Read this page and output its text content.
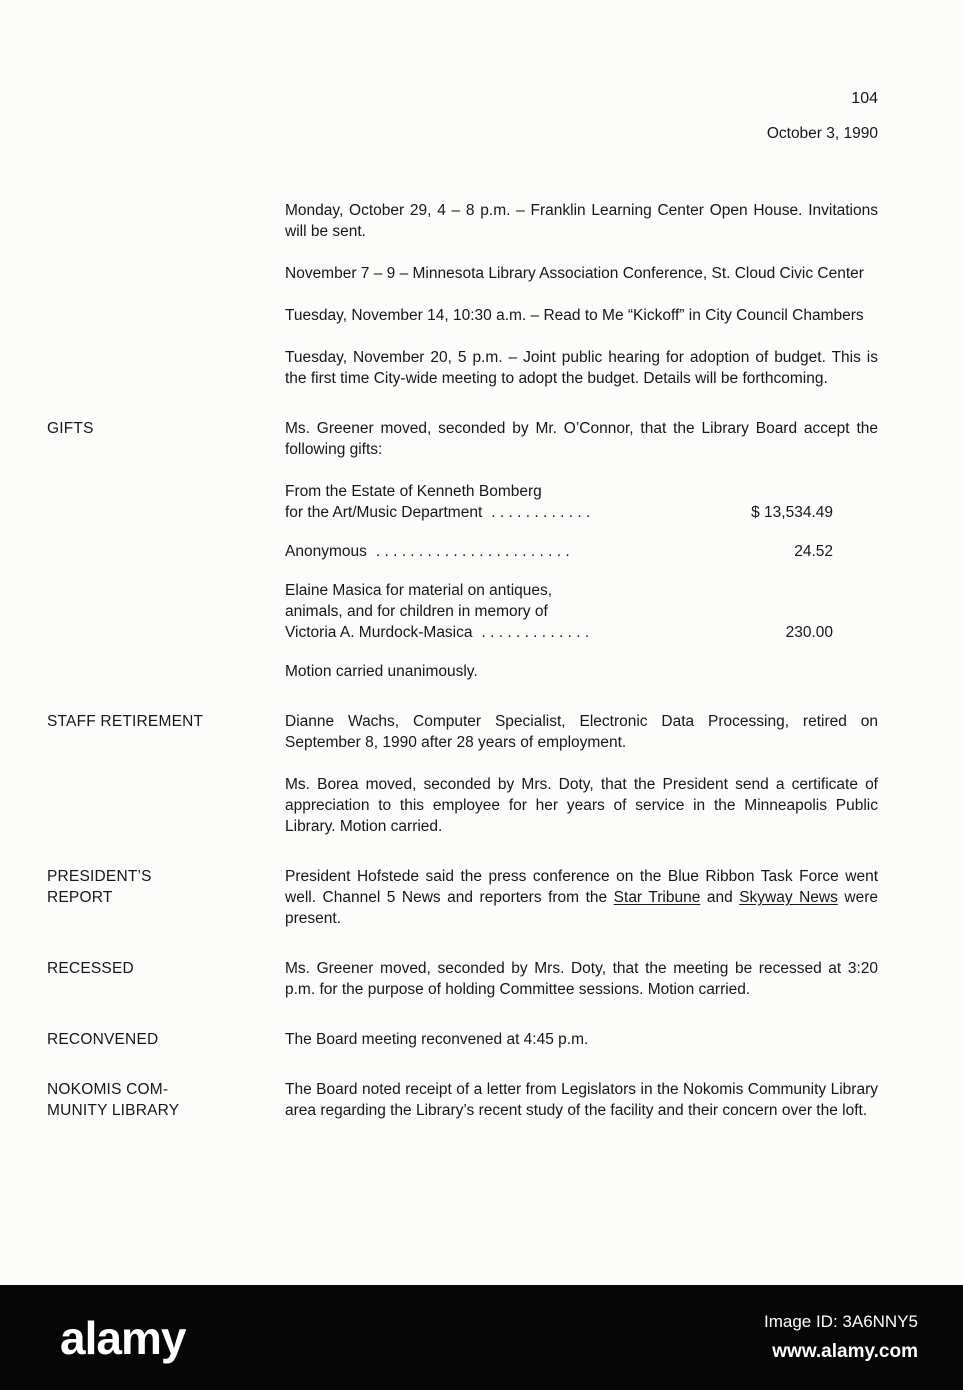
104
October 3, 1990

Monday, October 29, 4 – 8 p.m. – Franklin Learning Center Open House. Invitations will be sent.

November 7 – 9 – Minnesota Library Association Conference, St. Cloud Civic Center

Tuesday, November 14, 10:30 a.m. – Read to Me “Kickoff” in City Council Chambers

Tuesday, November 20, 5 p.m. – Joint public hearing for adoption of budget. This is the first time City-wide meeting to adopt the budget. Details will be forthcoming.

GIFTS	Ms. Greener moved, seconded by Mr. O’Connor, that the Library Board accept the following gifts:

From the Estate of Kenneth Bomberg
for the Art/Music Department . . . . . . . . . . . .	$ 13,534.49
Anonymous . . . . . . . . . . . . . . . . . . . . . . .	24.52
Elaine Masica for material on antiques,
animals, and for children in memory of
Victoria A. Murdock-Masica . . . . . . . . . . . . .	230.00

Motion carried unanimously.

STAFF RETIREMENT	Dianne Wachs, Computer Specialist, Electronic Data Processing, retired on September 8, 1990 after 28 years of employment.

Ms. Borea moved, seconded by Mrs. Doty, that the President send a certificate of appreciation to this employee for her years of service in the Minneapolis Public Library. Motion carried.

PRESIDENT’S
REPORT

President Hofstede said the press conference on the Blue Ribbon Task Force went well. Channel 5 News and reporters from the Star Tribune and Skyway News were present.

RECESSED	Ms. Greener moved, seconded by Mrs. Doty, that the meeting be recessed at 3:20 p.m. for the purpose of holding Committee sessions. Motion carried.

RECONVENED	The Board meeting reconvened at 4:45 p.m.

NOKOMIS COM-
MUNITY LIBRARY

The Board noted receipt of a letter from Legislators in the Nokomis Community Library area regarding the Library’s recent study of the facility and their concern over the loft.

alamy	Image ID: 3A6NNY5
www.alamy.com
